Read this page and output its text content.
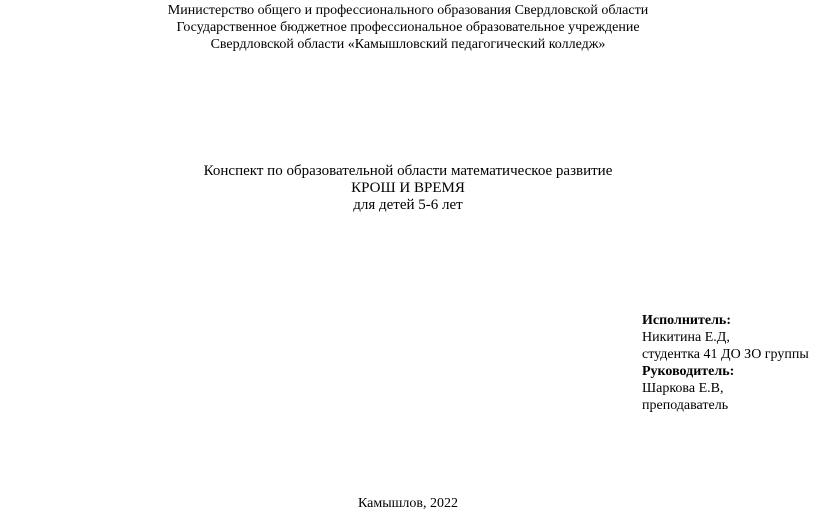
Министерство общего и профессионального образования Свердловской области
Государственное бюджетное профессиональное образовательное учреждение
Свердловской области «Камышловский педагогический колледж»
Конспект по образовательной области математическое развитие
КРОШ И ВРЕМЯ
для детей 5-6 лет
Исполнитель:
Никитина Е.Д,
студентка 41 ДО ЗО группы
Руководитель:
Шаркова Е.В,
преподаватель
Камышлов, 2022
